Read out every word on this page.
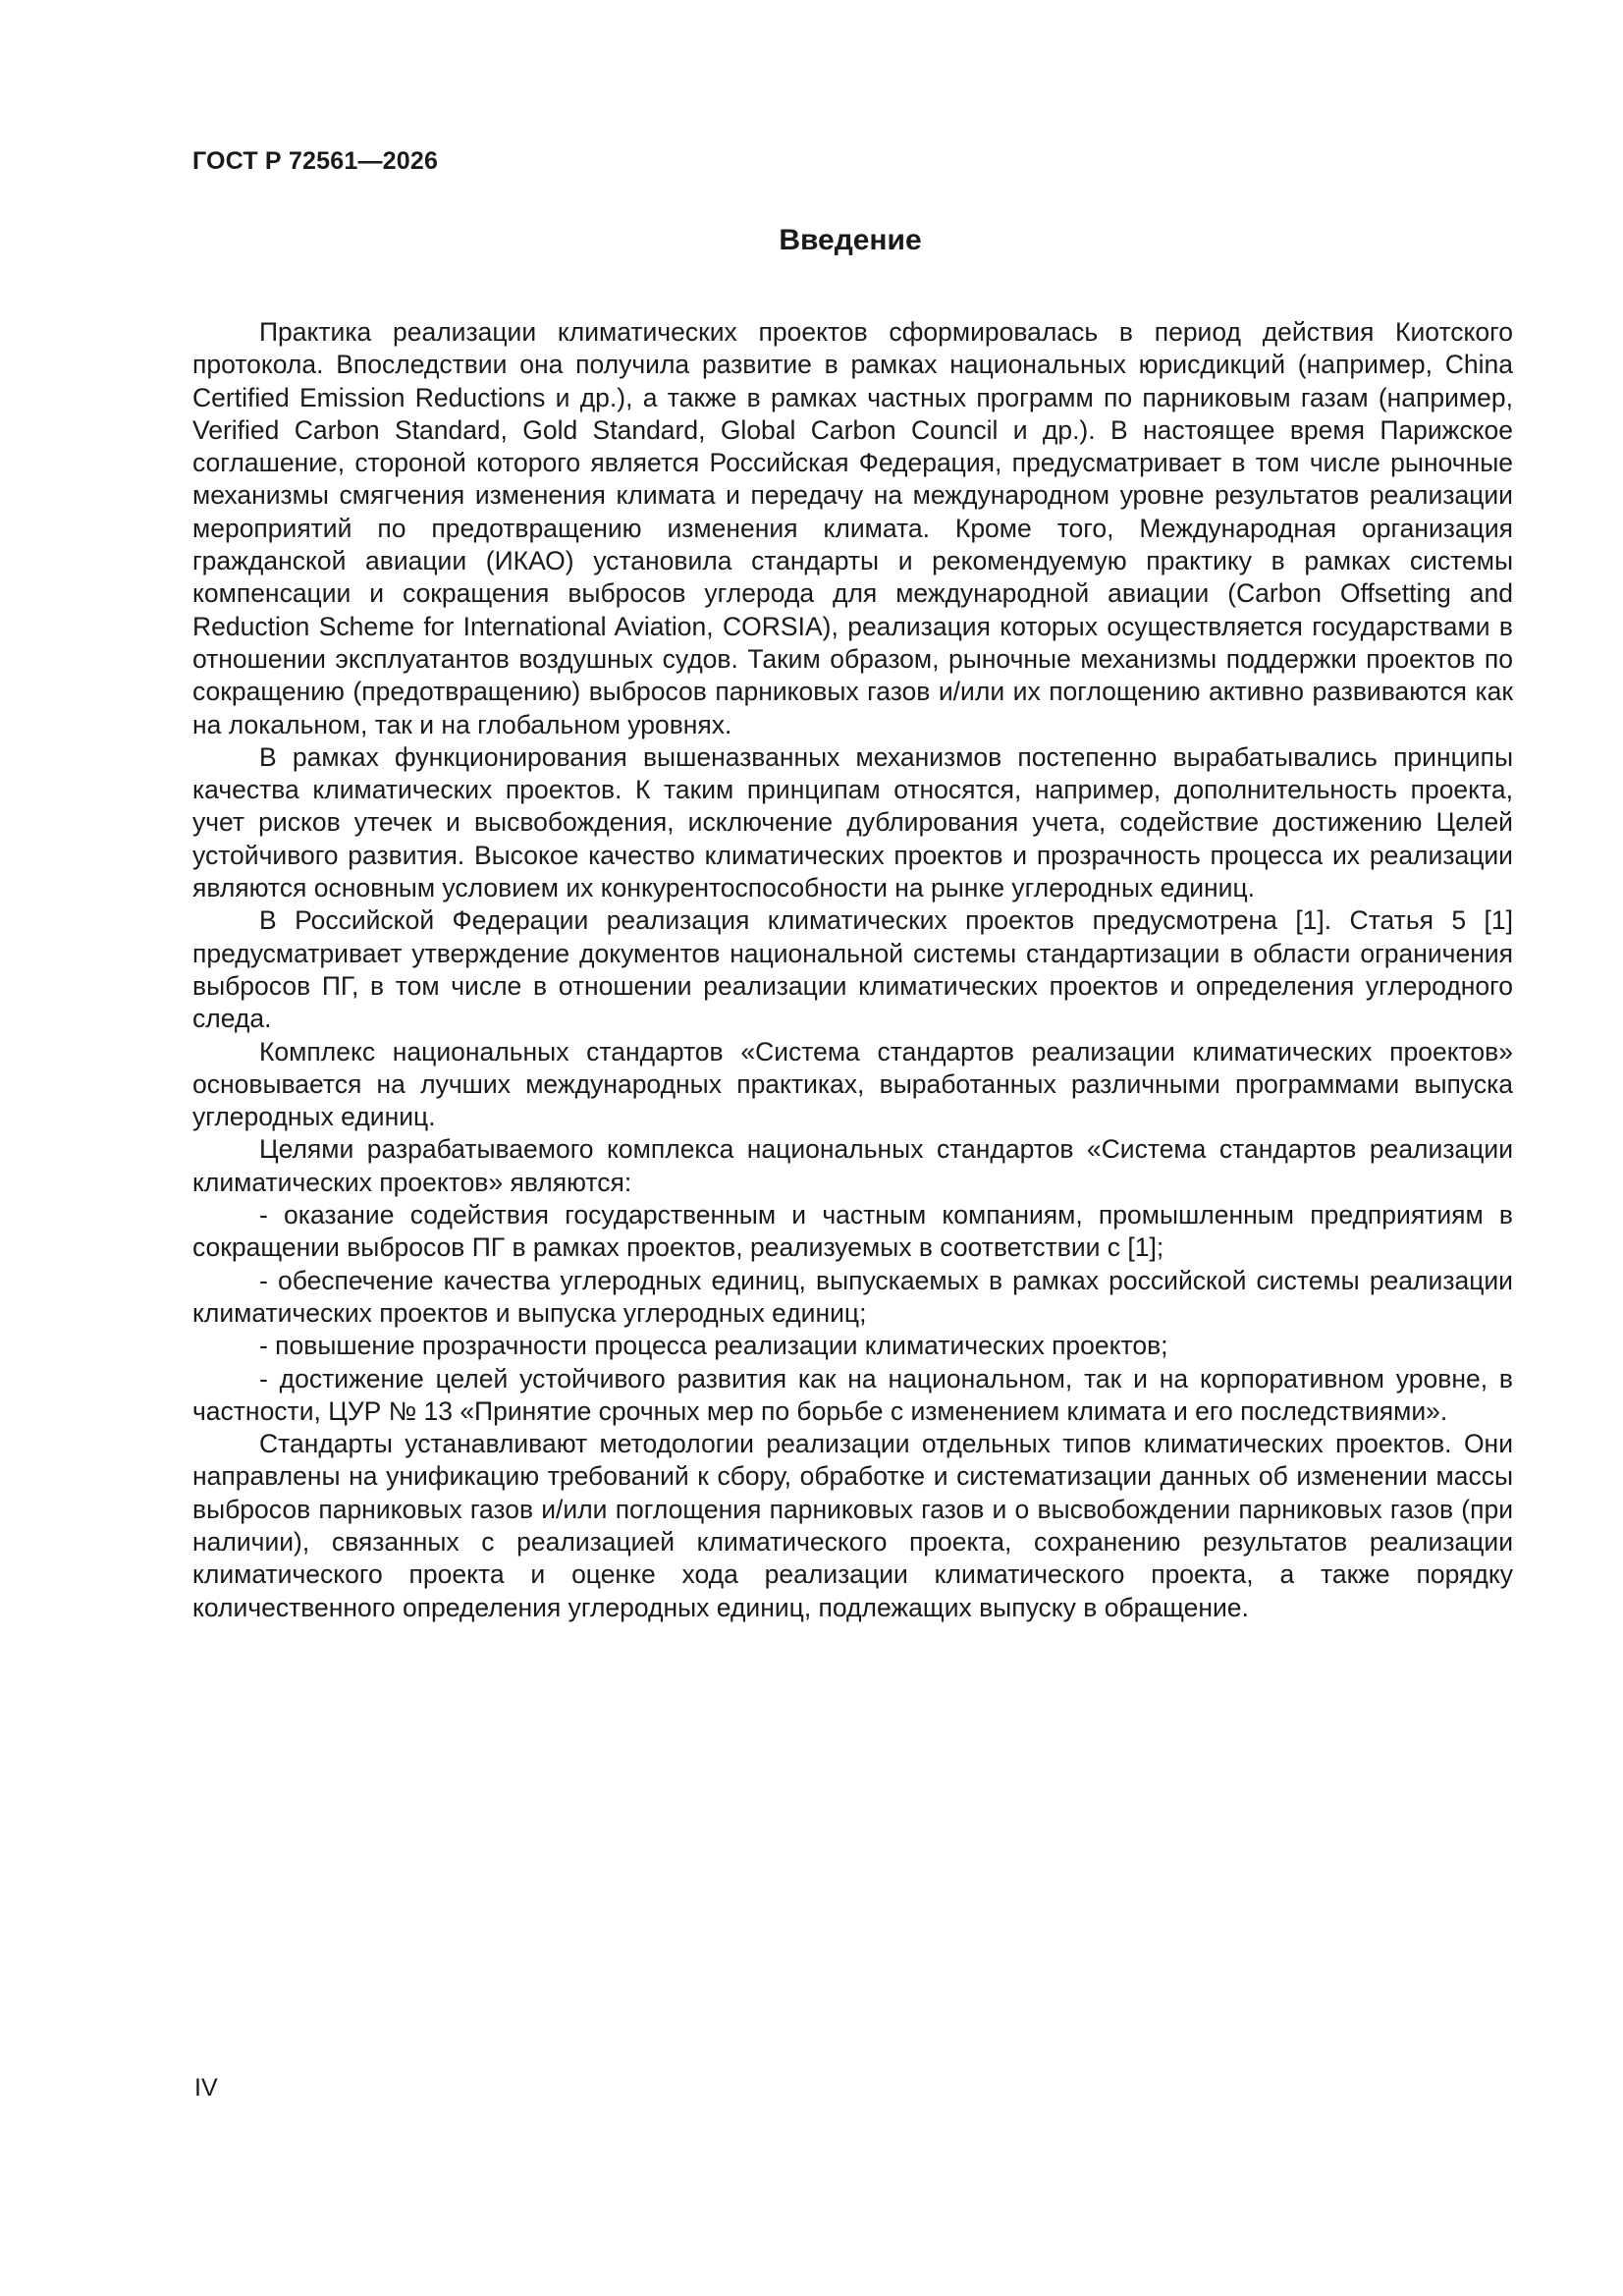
ГОСТ Р 72561—2026
Введение

Практика реализации климатических проектов сформировалась в период действия Киотского протокола. Впоследствии она получила развитие в рамках национальных юрисдикций (например, China Certified Emission Reductions и др.), а также в рамках частных программ по парниковым газам (например, Verified Carbon Standard, Gold Standard, Global Carbon Council и др.). В настоящее время Парижское соглашение, стороной которого является Российская Федерация, предусматривает в том числе рыночные механизмы смягчения изменения климата и передачу на международном уровне результатов реализации мероприятий по предотвращению изменения климата. Кроме того, Международная организация гражданской авиации (ИКАО) установила стандарты и рекомендуемую практику в рамках системы компенсации и сокращения выбросов углерода для международной авиации (Carbon Offsetting and Reduction Scheme for International Aviation, CORSIA), реализация которых осуществляется государствами в отношении эксплуатантов воздушных судов. Таким образом, рыночные механизмы поддержки проектов по сокращению (предотвращению) выбросов парниковых газов и/или их поглощению активно развиваются как на локальном, так и на глобальном уровнях.

В рамках функционирования вышеназванных механизмов постепенно вырабатывались принципы качества климатических проектов. К таким принципам относятся, например, дополнительность проекта, учет рисков утечек и высвобождения, исключение дублирования учета, содействие достижению Целей устойчивого развития. Высокое качество климатических проектов и прозрачность процесса их реализации являются основным условием их конкурентоспособности на рынке углеродных единиц.

В Российской Федерации реализация климатических проектов предусмотрена [1]. Статья 5 [1] предусматривает утверждение документов национальной системы стандартизации в области ограничения выбросов ПГ, в том числе в отношении реализации климатических проектов и определения углеродного следа.

Комплекс национальных стандартов «Система стандартов реализации климатических проектов» основывается на лучших международных практиках, выработанных различными программами выпуска углеродных единиц.

Целями разрабатываемого комплекса национальных стандартов «Система стандартов реализации климатических проектов» являются:

- оказание содействия государственным и частным компаниям, промышленным предприятиям в сокращении выбросов ПГ в рамках проектов, реализуемых в соответствии с [1];

- обеспечение качества углеродных единиц, выпускаемых в рамках российской системы реализации климатических проектов и выпуска углеродных единиц;

- повышение прозрачности процесса реализации климатических проектов;

- достижение целей устойчивого развития как на национальном, так и на корпоративном уровне, в частности, ЦУР № 13 «Принятие срочных мер по борьбе с изменением климата и его последствиями».

Стандарты устанавливают методологии реализации отдельных типов климатических проектов. Они направлены на унификацию требований к сбору, обработке и систематизации данных об изменении массы выбросов парниковых газов и/или поглощения парниковых газов и о высвобождении парниковых газов (при наличии), связанных с реализацией климатического проекта, сохранению результатов реализации климатического проекта и оценке хода реализации климатического проекта, а также порядку количественного определения углеродных единиц, подлежащих выпуску в обращение.

IV
